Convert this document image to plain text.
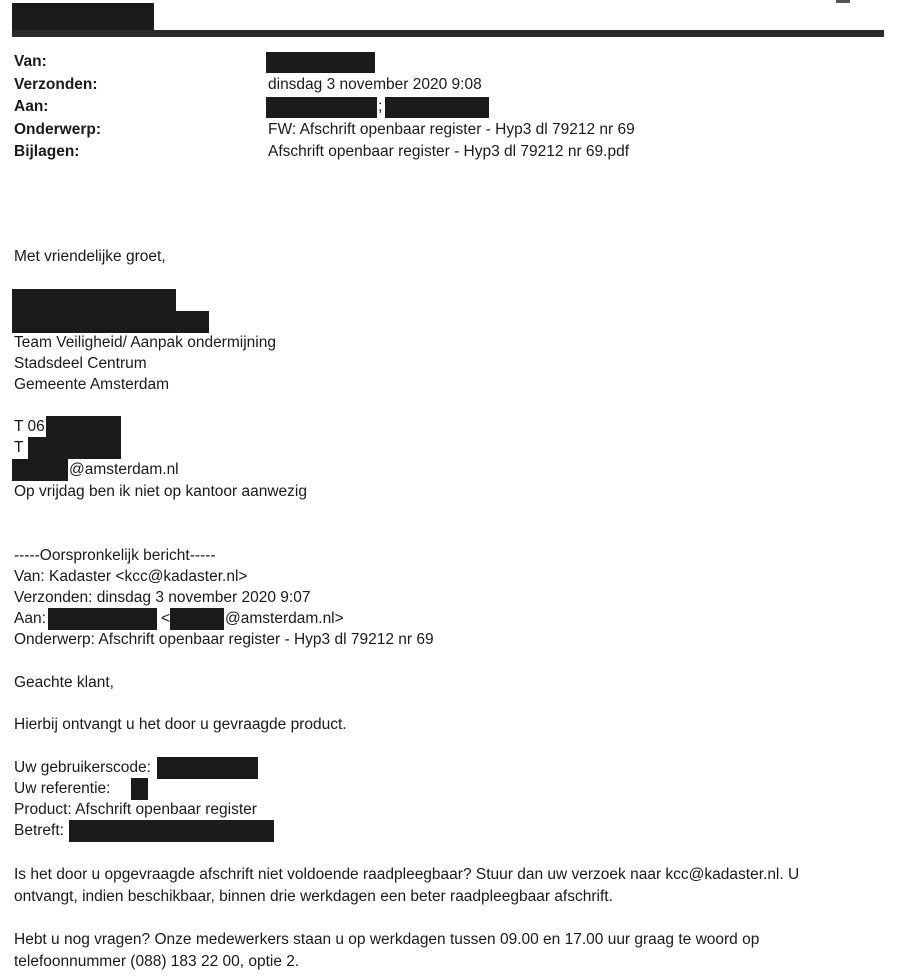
Van:
Verzonden:	dinsdag 3 november 2020 9:08
Aan:	;
Onderwerp:	FW: Afschrift openbaar register - Hyp3 dl 79212 nr 69
Bijlagen:	Afschrift openbaar register - Hyp3 dl 79212 nr 69.pdf
Met vriendelijke groet,
Team Veiligheid/ Aanpak ondermijning
Stadsdeel Centrum
Gemeente Amsterdam
T 06
T
@amsterdam.nl
Op vrijdag ben ik niet op kantoor aanwezig
-----Oorspronkelijk bericht-----
Van: Kadaster <kcc@kadaster.nl>
Verzonden: dinsdag 3 november 2020 9:07
Aan:	<	@amsterdam.nl>
Onderwerp: Afschrift openbaar register - Hyp3 dl 79212 nr 69
Geachte klant,
Hierbij ontvangt u het door u gevraagde product.
Uw gebruikerscode:
Uw referentie:
Product: Afschrift openbaar register
Betreft:
Is het door u opgevraagde afschrift niet voldoende raadpleegbaar? Stuur dan uw verzoek naar kcc@kadaster.nl. U
ontvangt, indien beschikbaar, binnen drie werkdagen een beter raadpleegbaar afschrift.
Hebt u nog vragen? Onze medewerkers staan u op werkdagen tussen 09.00 en 17.00 uur graag te woord op
telefoonnummer (088) 183 22 00, optie 2.
